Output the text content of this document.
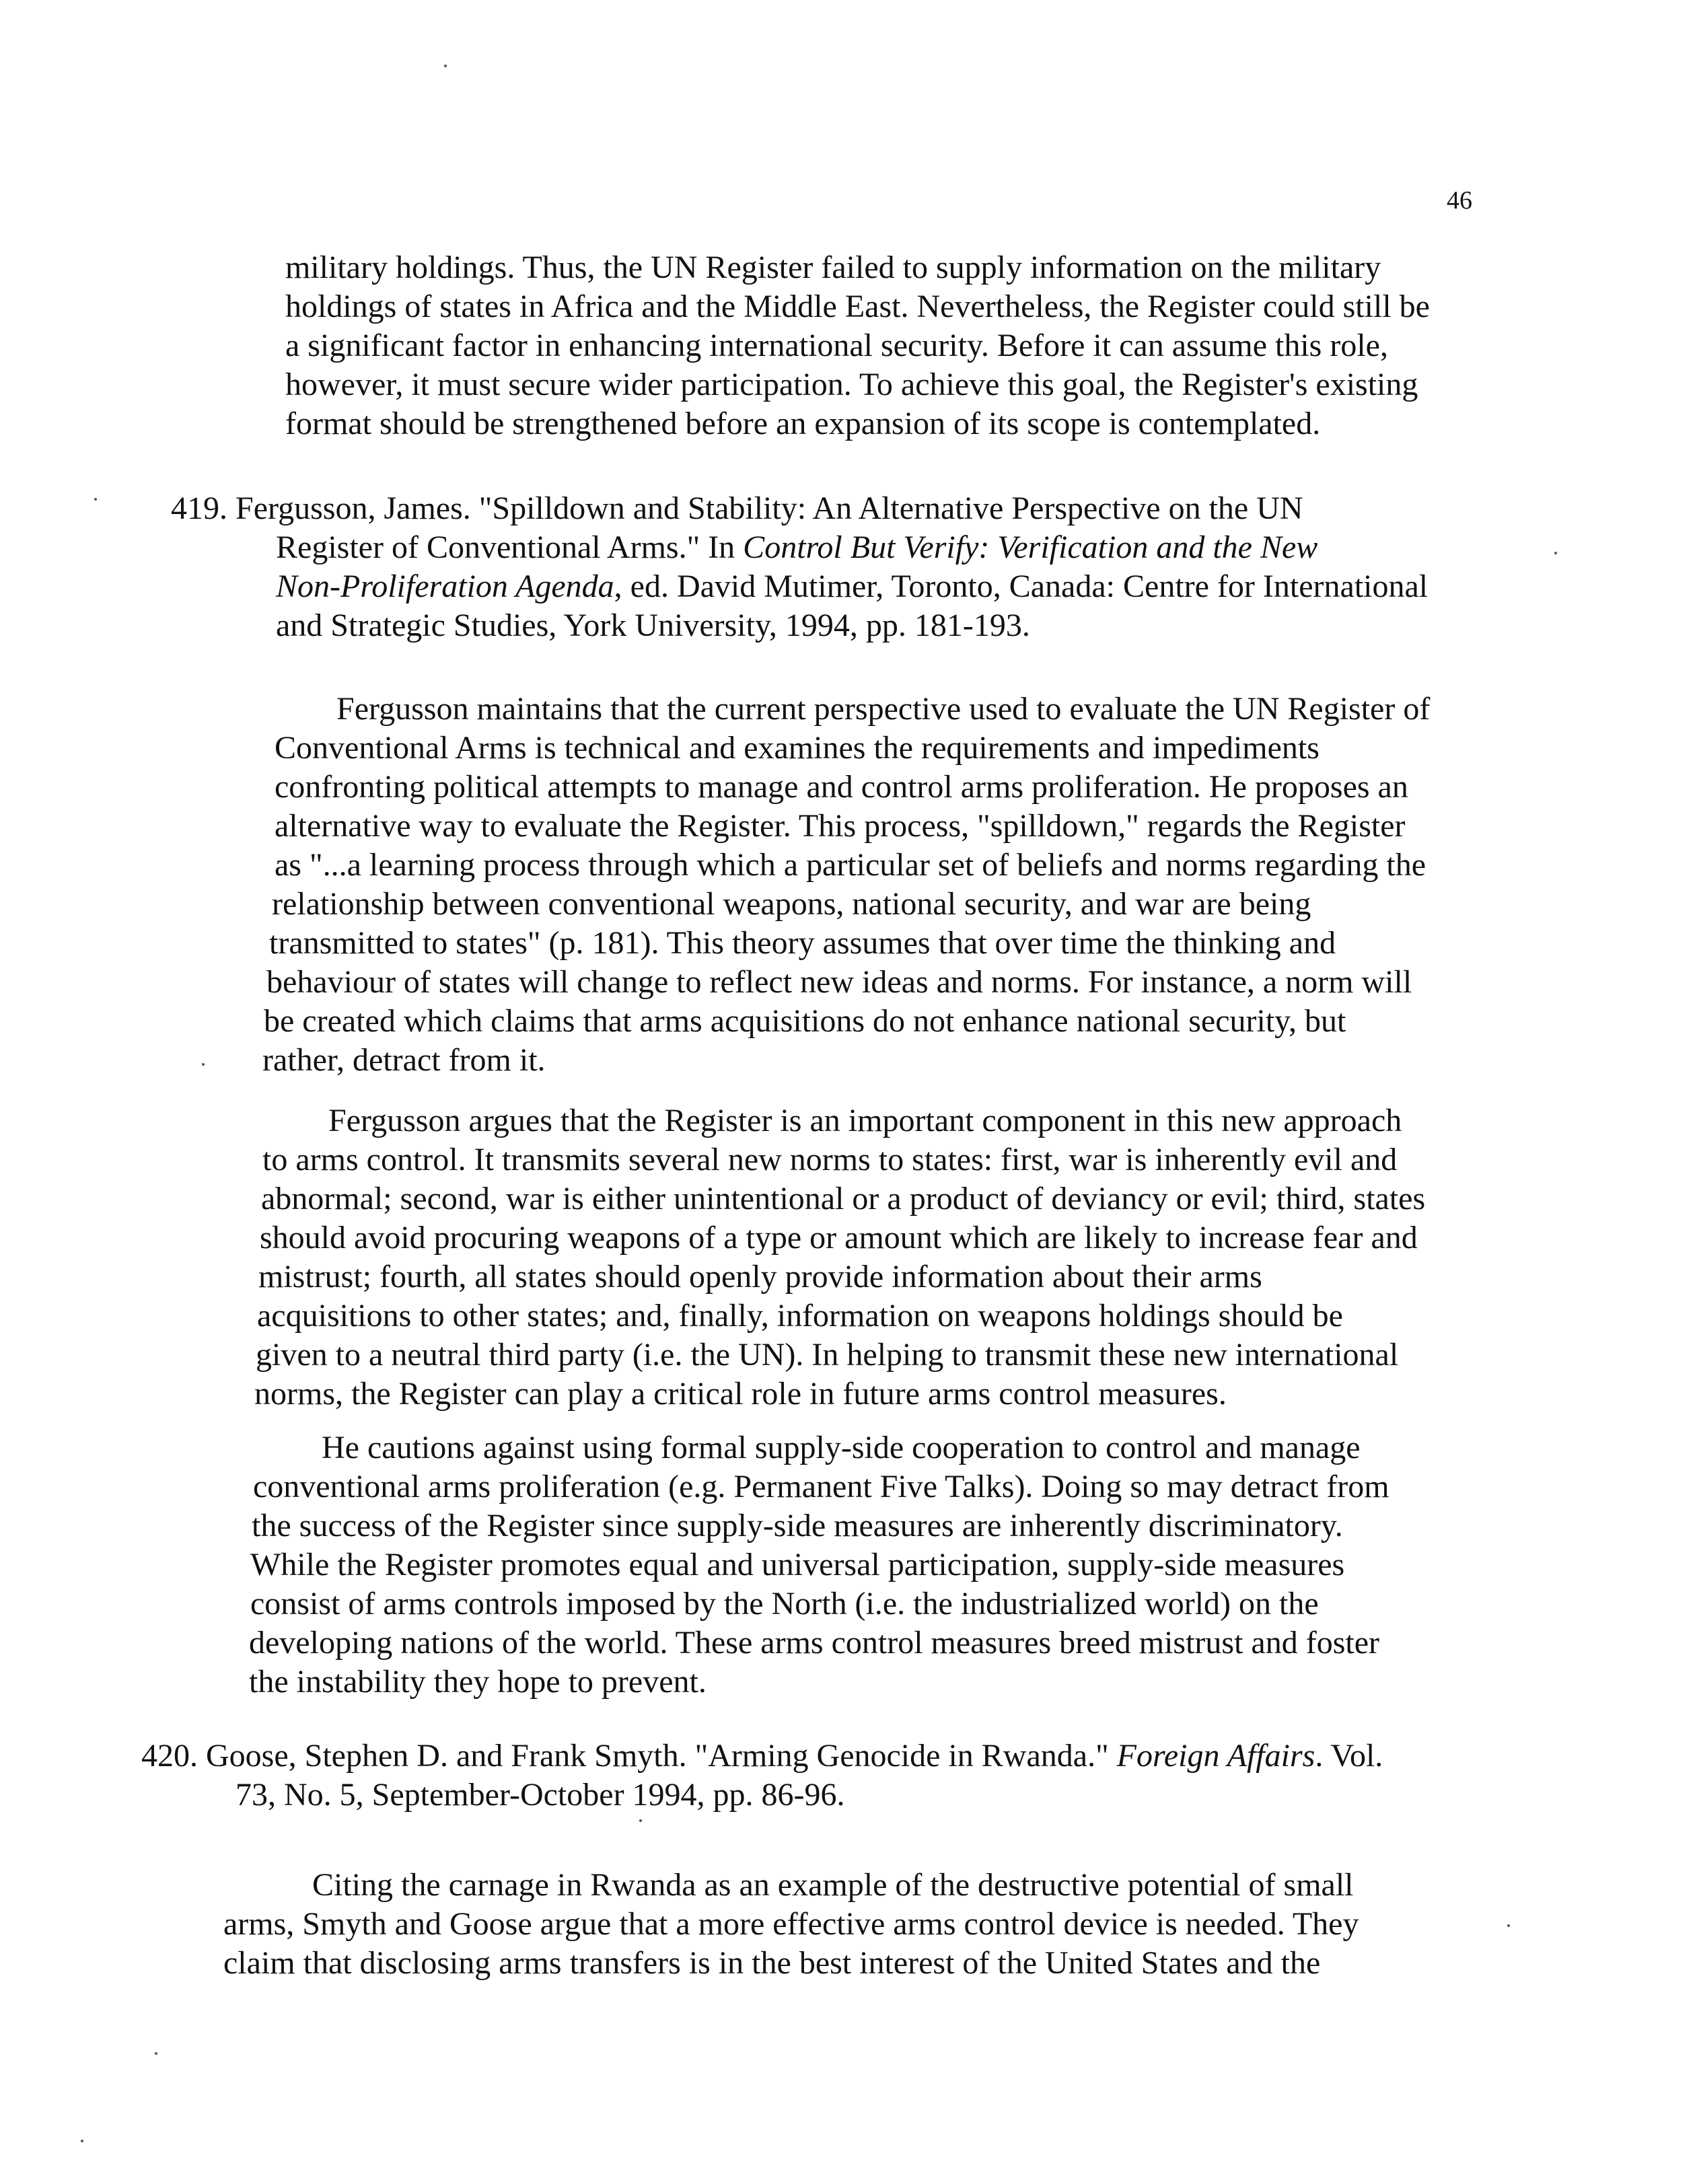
46
military holdings. Thus, the UN Register failed to supply information on the military
holdings of states in Africa and the Middle East. Nevertheless, the Register could still be
a significant factor in enhancing international security. Before it can assume this role,
however, it must secure wider participation. To achieve this goal, the Register's existing
format should be strengthened before an expansion of its scope is contemplated.
419. Fergusson, James. "Spilldown and Stability: An Alternative Perspective on the UN
Register of Conventional Arms." In Control But Verify: Verification and the New
Non-Proliferation Agenda, ed. David Mutimer, Toronto, Canada: Centre for International
and Strategic Studies, York University, 1994, pp. 181-193.
Fergusson maintains that the current perspective used to evaluate the UN Register of
Conventional Arms is technical and examines the requirements and impediments
confronting political attempts to manage and control arms proliferation. He proposes an
alternative way to evaluate the Register. This process, "spilldown," regards the Register
as "...a learning process through which a particular set of beliefs and norms regarding the
relationship between conventional weapons, national security, and war are being
transmitted to states" (p. 181). This theory assumes that over time the thinking and
behaviour of states will change to reflect new ideas and norms. For instance, a norm will
be created which claims that arms acquisitions do not enhance national security, but
rather, detract from it.
Fergusson argues that the Register is an important component in this new approach
to arms control. It transmits several new norms to states: first, war is inherently evil and
abnormal; second, war is either unintentional or a product of deviancy or evil; third, states
should avoid procuring weapons of a type or amount which are likely to increase fear and
mistrust; fourth, all states should openly provide information about their arms
acquisitions to other states; and, finally, information on weapons holdings should be
given to a neutral third party (i.e. the UN). In helping to transmit these new international
norms, the Register can play a critical role in future arms control measures.
He cautions against using formal supply-side cooperation to control and manage
conventional arms proliferation (e.g. Permanent Five Talks). Doing so may detract from
the success of the Register since supply-side measures are inherently discriminatory.
While the Register promotes equal and universal participation, supply-side measures
consist of arms controls imposed by the North (i.e. the industrialized world) on the
developing nations of the world. These arms control measures breed mistrust and foster
the instability they hope to prevent.
420. Goose, Stephen D. and Frank Smyth. "Arming Genocide in Rwanda." Foreign Affairs. Vol.
73, No. 5, September-October 1994, pp. 86-96.
Citing the carnage in Rwanda as an example of the destructive potential of small
arms, Smyth and Goose argue that a more effective arms control device is needed. They
claim that disclosing arms transfers is in the best interest of the United States and the
